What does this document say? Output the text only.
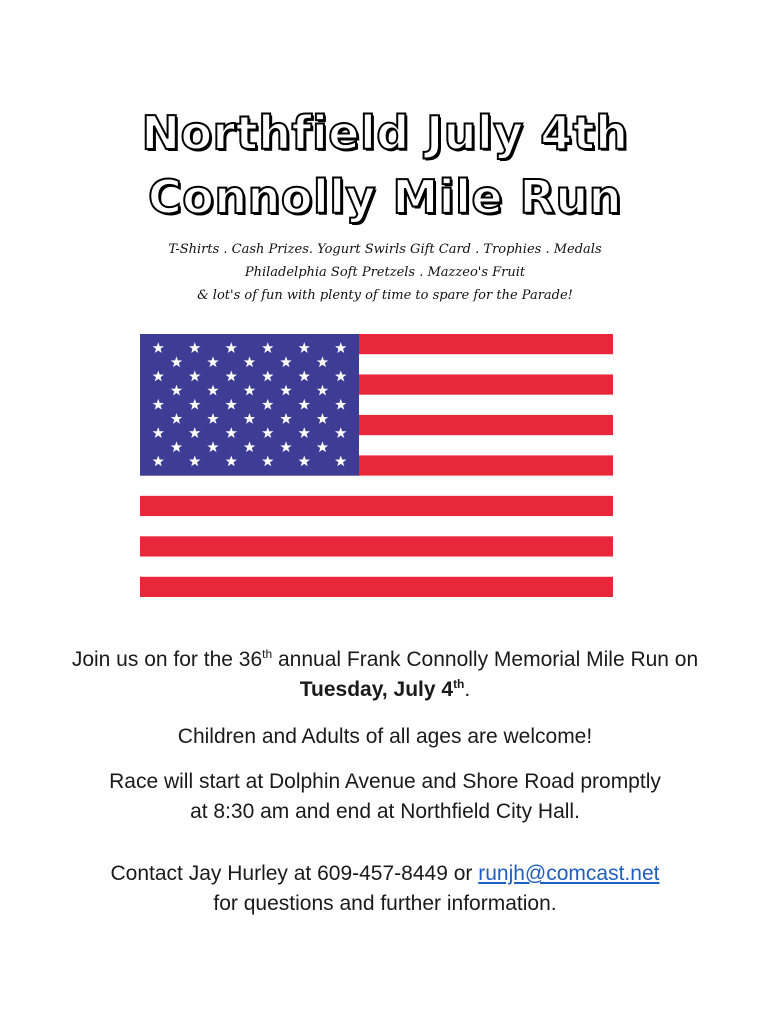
Northfield July 4th
Connolly Mile Run
T-Shirts . Cash Prizes. Yogurt Swirls Gift Card . Trophies . Medals
Philadelphia Soft Pretzels . Mazzeo's Fruit
& lot's of fun with plenty of time to spare for the Parade!
Join us on for the 36th annual Frank Connolly Memorial Mile Run on Tuesday, July 4th.
Children and Adults of all ages are welcome!
Race will start at Dolphin Avenue and Shore Road promptly
at 8:30 am and end at Northfield City Hall.
Contact Jay Hurley at 609-457-8449 or runjh@comcast.net
for questions and further information.
